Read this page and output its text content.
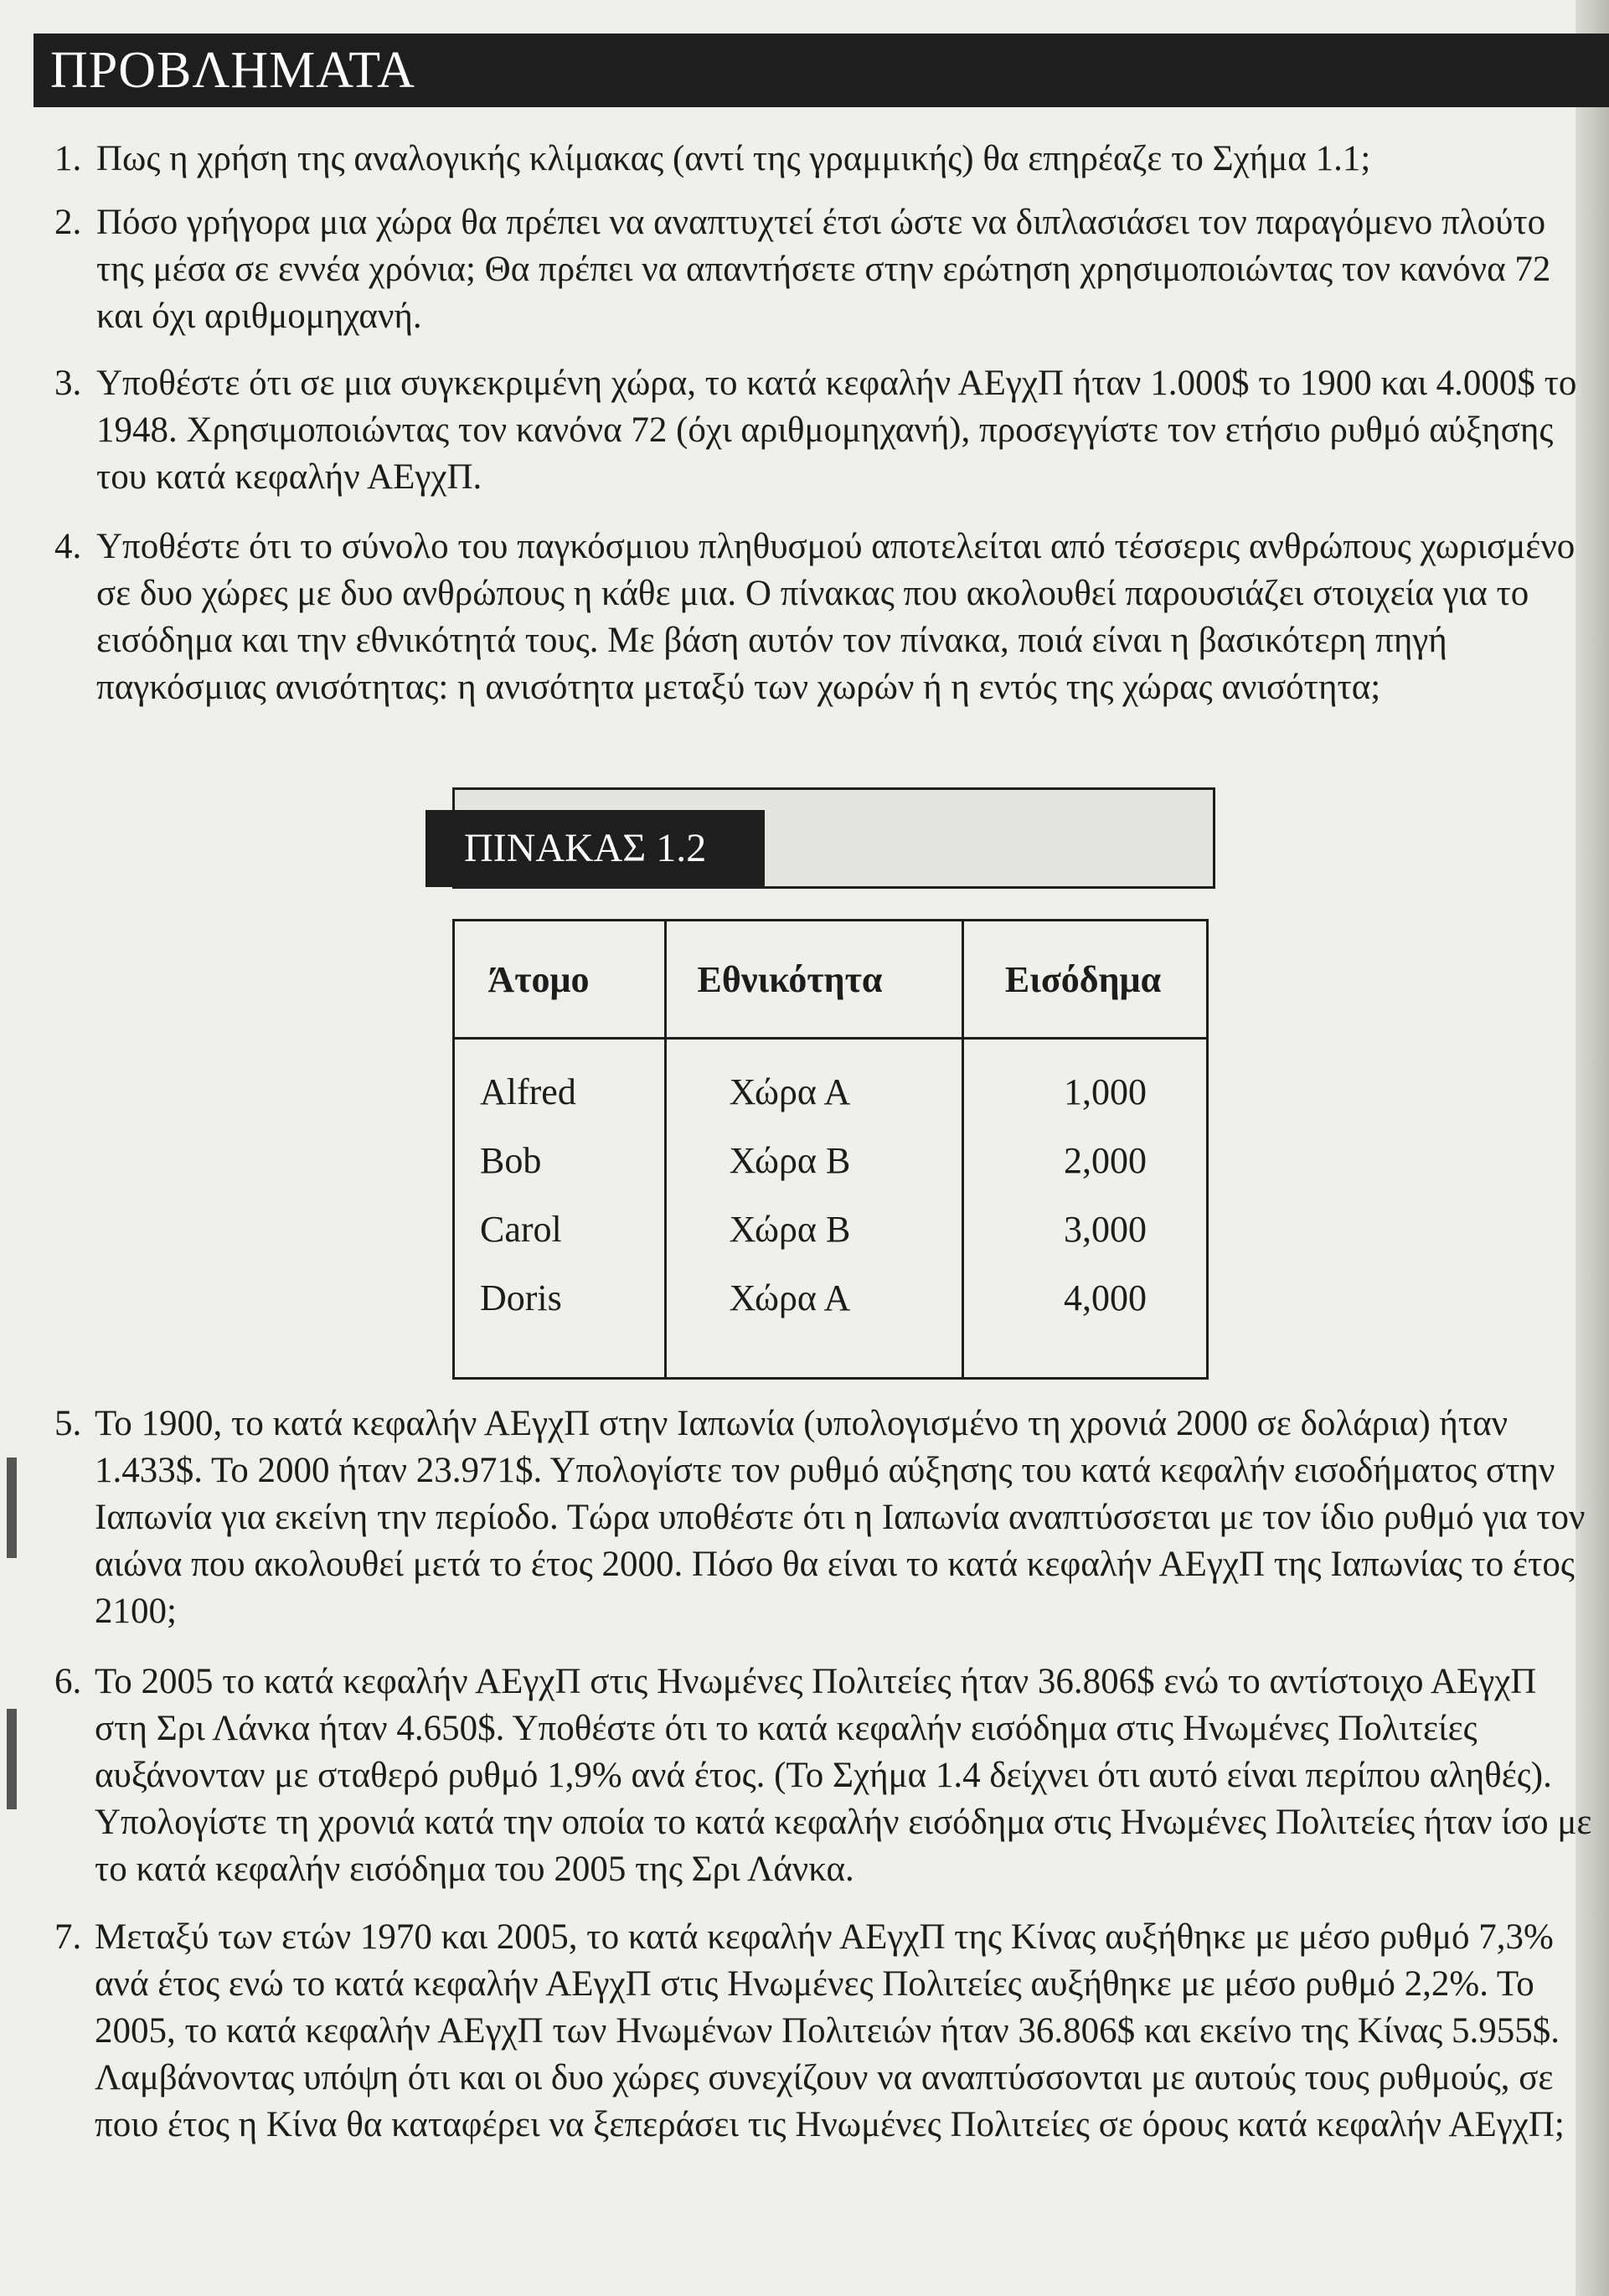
ΠΡΟΒΛΗΜΑΤΑ
1. Πως η χρήση της αναλογικής κλίμακας (αντί της γραμμικής) θα επηρέαζε το Σχήμα 1.1;
2. Πόσο γρήγορα μια χώρα θα πρέπει να αναπτυχτεί έτσι ώστε να διπλασιάσει τον παραγόμενο πλούτο της μέσα σε εννέα χρόνια; Θα πρέπει να απαντήσετε στην ερώτηση χρησιμοποιώντας τον κανόνα 72 και όχι αριθμομηχανή.
3. Υποθέστε ότι σε μια συγκεκριμένη χώρα, το κατά κεφαλήν ΑΕγχΠ ήταν 1.000$ το 1900 και 4.000$ το 1948. Χρησιμοποιώντας τον κανόνα 72 (όχι αριθμομηχανή), προσεγγίστε τον ετήσιο ρυθμό αύξησης του κατά κεφαλήν ΑΕγχΠ.
4. Υποθέστε ότι το σύνολο του παγκόσμιου πληθυσμού αποτελείται από τέσσερις ανθρώπους χωρισμένο σε δυο χώρες με δυο ανθρώπους η κάθε μια. Ο πίνακας που ακολουθεί παρουσιάζει στοιχεία για το εισόδημα και την εθνικότητά τους. Με βάση αυτόν τον πίνακα, ποιά είναι η βασικότερη πηγή παγκόσμιας ανισότητας: η ανισότητα μεταξύ των χωρών ή η εντός της χώρας ανισότητα;
ΠΙΝΑΚΑΣ 1.2
Άτομο	Εθνικότητα	Εισόδημα
Alfred	Χώρα Α	1,000
Bob	Χώρα Β	2,000
Carol	Χώρα Β	3,000
Doris	Χώρα Α	4,000
5. Το 1900, το κατά κεφαλήν ΑΕγχΠ στην Ιαπωνία (υπολογισμένο τη χρονιά 2000 σε δολάρια) ήταν 1.433$. Το 2000 ήταν 23.971$. Υπολογίστε τον ρυθμό αύξησης του κατά κεφαλήν εισοδήματος στην Ιαπωνία για εκείνη την περίοδο. Τώρα υποθέστε ότι η Ιαπωνία αναπτύσσεται με τον ίδιο ρυθμό για τον αιώνα που ακολουθεί μετά το έτος 2000. Πόσο θα είναι το κατά κεφαλήν ΑΕγχΠ της Ιαπωνίας το έτος 2100;
6. Το 2005 το κατά κεφαλήν ΑΕγχΠ στις Ηνωμένες Πολιτείες ήταν 36.806$ ενώ το αντίστοιχο ΑΕγχΠ στη Σρι Λάνκα ήταν 4.650$. Υποθέστε ότι το κατά κεφαλήν εισόδημα στις Ηνωμένες Πολιτείες αυξάνονταν με σταθερό ρυθμό 1,9% ανά έτος. (Το Σχήμα 1.4 δείχνει ότι αυτό είναι περίπου αληθές). Υπολογίστε τη χρονιά κατά την οποία το κατά κεφαλήν εισόδημα στις Ηνωμένες Πολιτείες ήταν ίσο με το κατά κεφαλήν εισόδημα του 2005 της Σρι Λάνκα.
7. Μεταξύ των ετών 1970 και 2005, το κατά κεφαλήν ΑΕγχΠ της Κίνας αυξήθηκε με μέσο ρυθμό 7,3% ανά έτος ενώ το κατά κεφαλήν ΑΕγχΠ στις Ηνωμένες Πολιτείες αυξήθηκε με μέσο ρυθμό 2,2%. Το 2005, το κατά κεφαλήν ΑΕγχΠ των Ηνωμένων Πολιτειών ήταν 36.806$ και εκείνο της Κίνας 5.955$. Λαμβάνοντας υπόψη ότι και οι δυο χώρες συνεχίζουν να αναπτύσσονται με αυτούς τους ρυθμούς, σε ποιο έτος η Κίνα θα καταφέρει να ξεπεράσει τις Ηνωμένες Πολιτείες σε όρους κατά κεφαλήν ΑΕγχΠ;
